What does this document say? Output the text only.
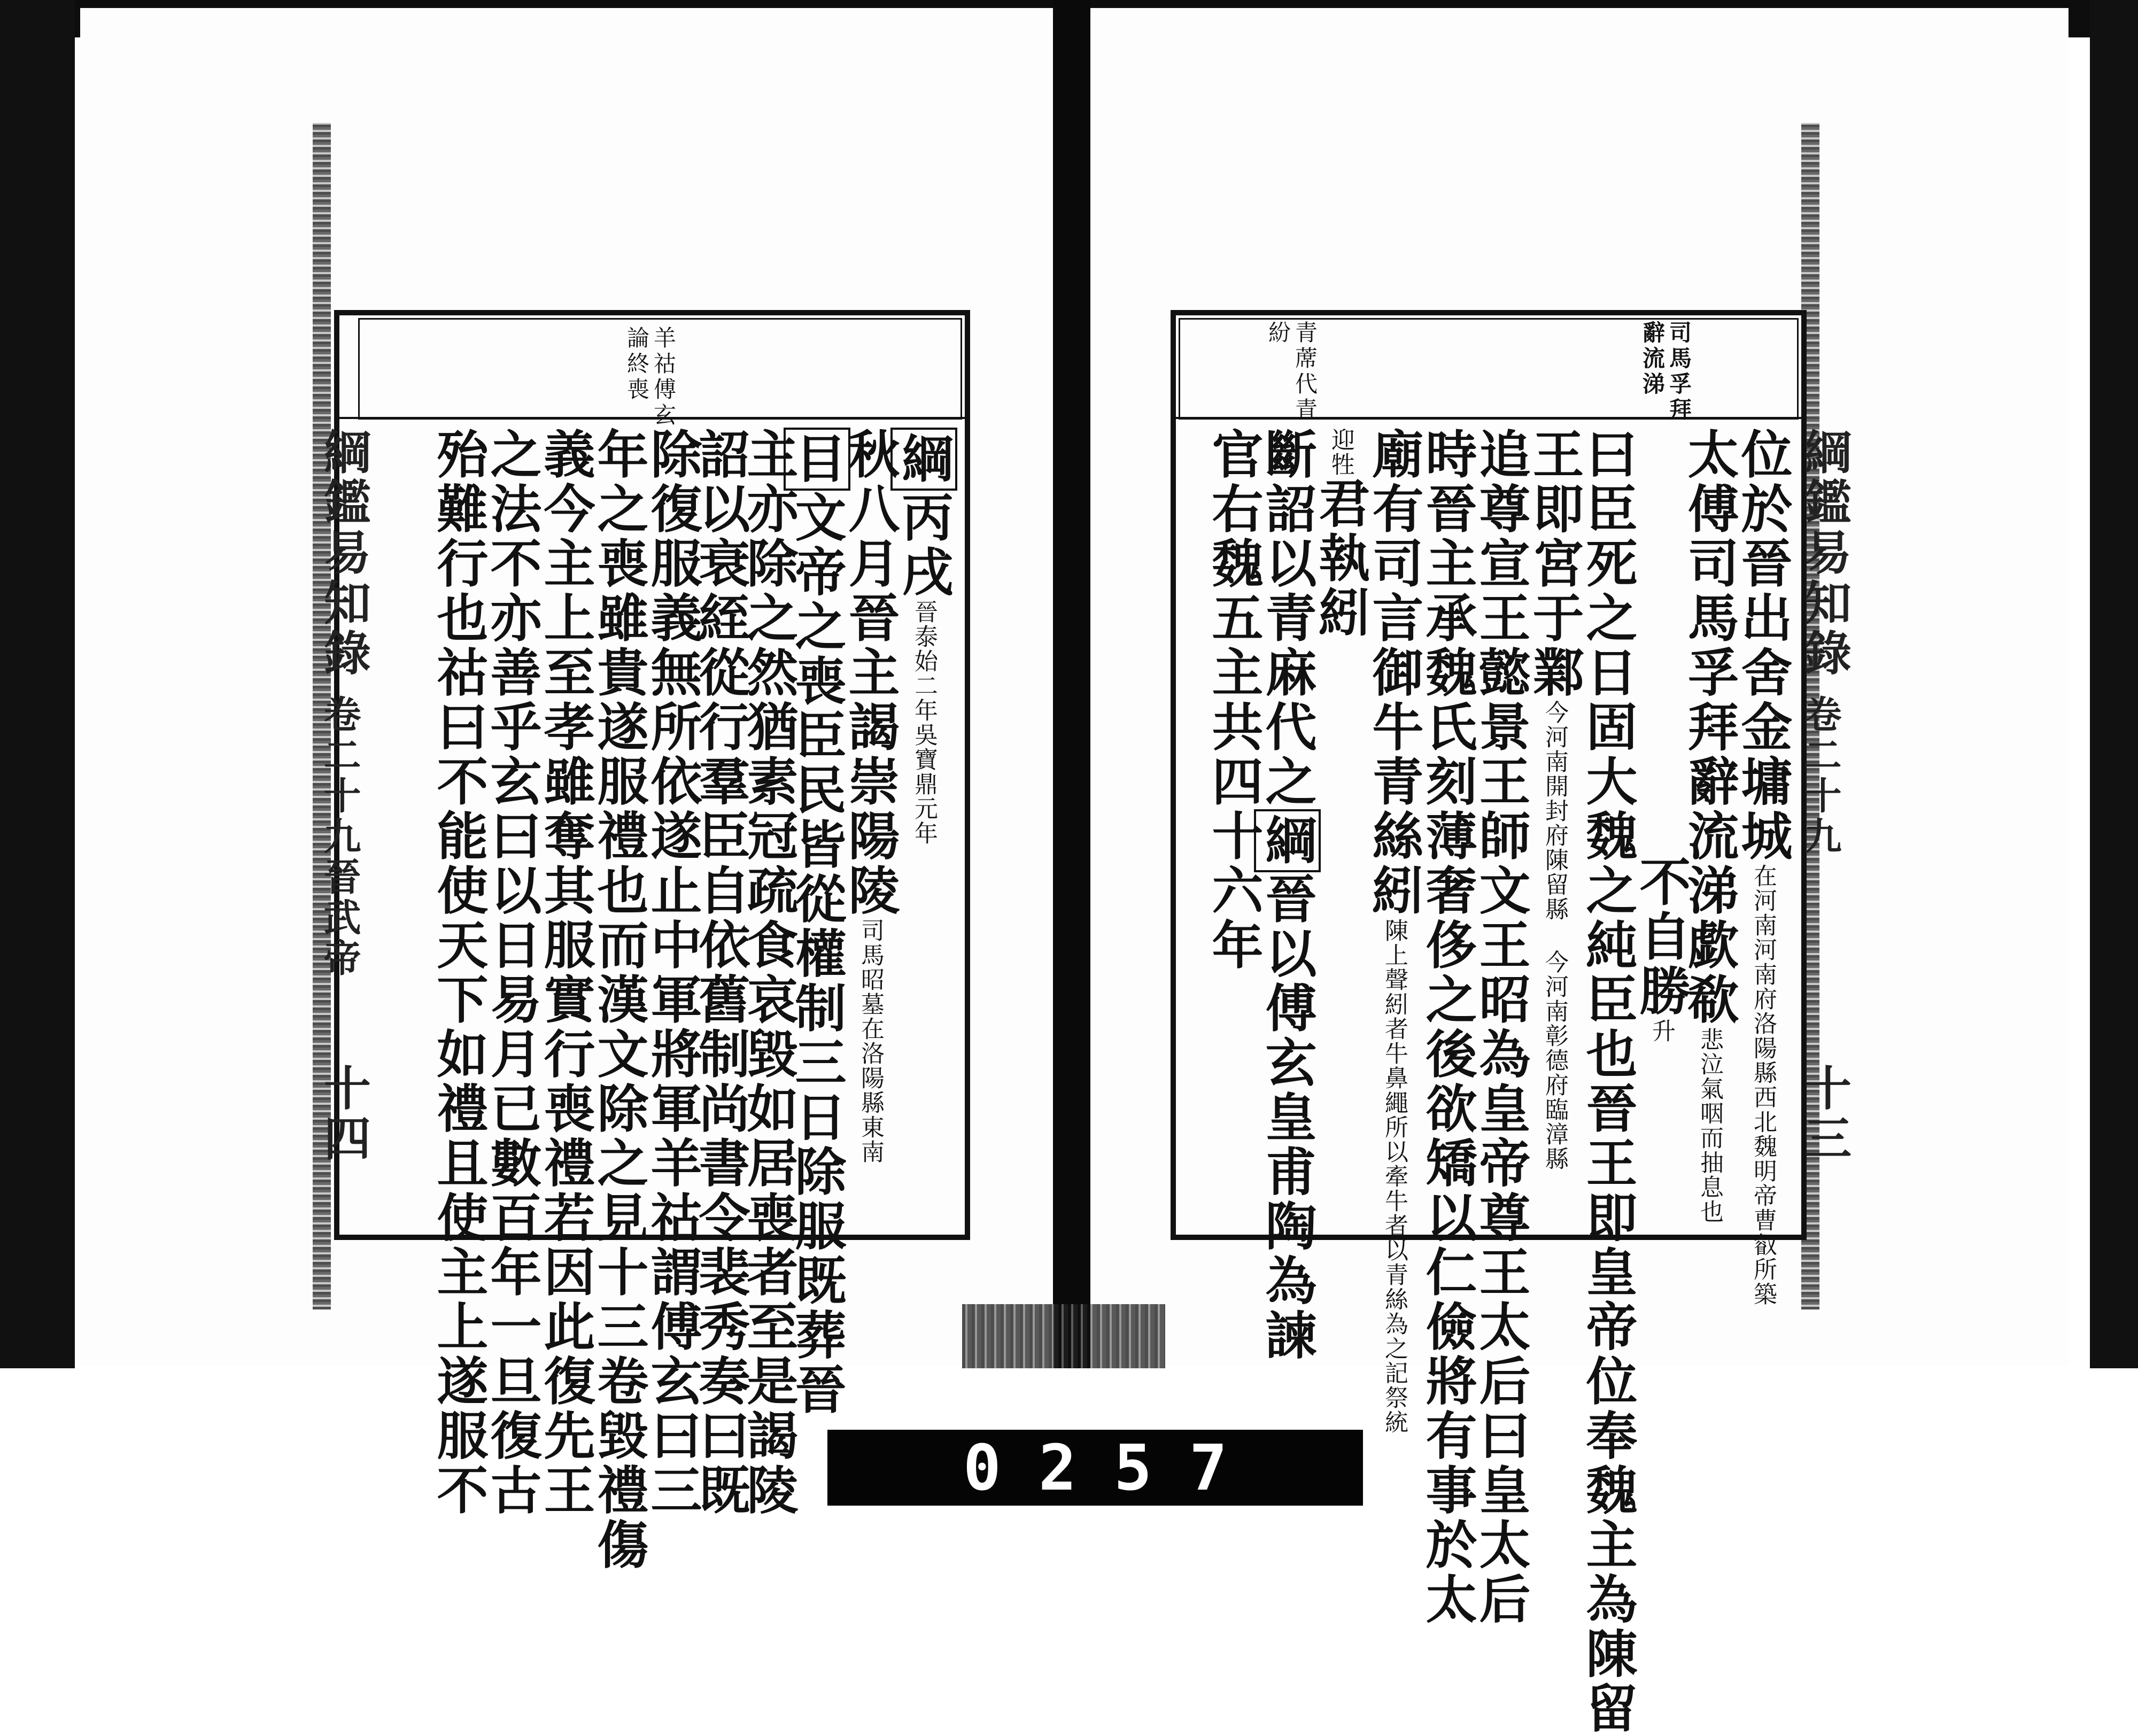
羊祜傅玄
論終喪
綱鑑易知錄
卷二十九晉武帝
十四
綱丙戌晉泰始二年吳寶鼎元年
秋八月晉主謁崇陽陵司馬昭墓在洛陽縣東南
目文帝之喪臣民皆從權制三日除服既葬晉
主亦除之然猶素冠疏食哀毀如居喪者至是謁陵
詔以衰絰從行羣臣自依舊制尚書令裴秀奏曰既
除復服義無所依遂止中軍將軍羊祜謂傅玄曰三
年之喪雖貴遂服禮也而漢文除之見十三卷毀禮傷
義今主上至孝雖奪其服實行喪禮若因此復先王
之法不亦善乎玄曰以日易月已數百年一旦復古
殆難行也祜曰不能使天下如禮且使主上遂服不
司馬孚拜
辭流涕
青蓆代青
紛
綱鑑易知錄
卷二十九
十三
位於晉出舍金墉城在河南河南府洛陽縣西北魏明帝曹叡所築
太傅司馬孚拜辭流涕歔欷悲泣氣咽而抽息也
不自勝升
曰臣死之日固大魏之純臣也晉王即皇帝位奉魏主為陳留
王即宮于鄴今河南開封府陳留縣 今河南彰德府臨漳縣
追尊宣王懿景王師文王昭為皇帝尊王太后曰皇太后
時晉主承魏氏刻薄奢侈之後欲矯以仁儉將有事於太
廟有司言御牛青絲紖陳上聲紖者牛鼻繩所以牽牛者以青絲為之記祭統
迎牲君執紖
斷詔以青麻代之綱晉以傅玄皇甫陶為諫
官右魏五主共四十六年
0257
